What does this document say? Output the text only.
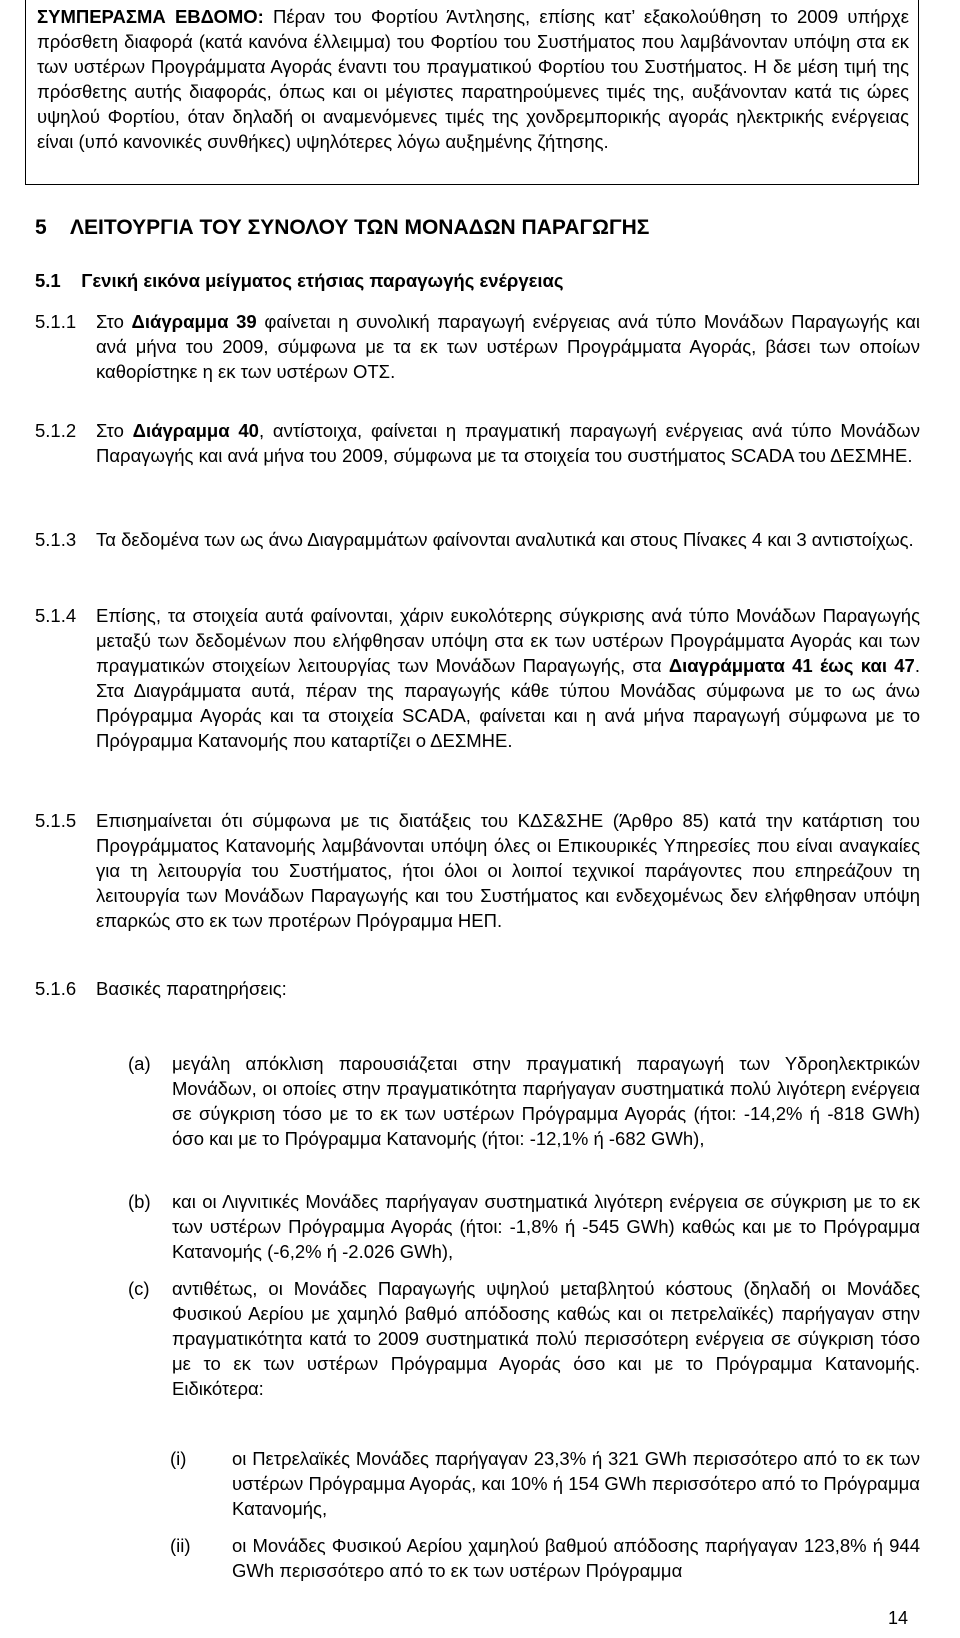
ΣΥΜΠΕΡΑΣΜΑ ΕΒΔΟΜΟ: Πέραν του Φορτίου Άντλησης, επίσης κατ’ εξακολούθηση το 2009 υπήρχε πρόσθετη διαφορά (κατά κανόνα έλλειμμα) του Φορτίου του Συστήματος που λαμβάνονταν υπόψη στα εκ των υστέρων Προγράμματα Αγοράς έναντι του πραγματικού Φορτίου του Συστήματος. Η δε μέση τιμή της πρόσθετης αυτής διαφοράς, όπως και οι μέγιστες παρατηρούμενες τιμές της, αυξάνονταν κατά τις ώρες υψηλού Φορτίου, όταν δηλαδή οι αναμενόμενες τιμές της χονδρεμπορικής αγοράς ηλεκτρικής ενέργειας είναι (υπό κανονικές συνθήκες) υψηλότερες λόγω αυξημένης ζήτησης.
5 ΛΕΙΤΟΥΡΓΙΑ ΤΟΥ ΣΥΝΟΛΟΥ ΤΩΝ ΜΟΝΑΔΩΝ ΠΑΡΑΓΩΓΗΣ
5.1 Γενική εικόνα μείγματος ετήσιας παραγωγής ενέργειας
5.1.1 Στο Διάγραμμα 39 φαίνεται η συνολική παραγωγή ενέργειας ανά τύπο Μονάδων Παραγωγής και ανά μήνα του 2009, σύμφωνα με τα εκ των υστέρων Προγράμματα Αγοράς, βάσει των οποίων καθορίστηκε η εκ των υστέρων ΟΤΣ.
5.1.2 Στο Διάγραμμα 40, αντίστοιχα, φαίνεται η πραγματική παραγωγή ενέργειας ανά τύπο Μονάδων Παραγωγής και ανά μήνα του 2009, σύμφωνα με τα στοιχεία του συστήματος SCADA του ΔΕΣΜΗΕ.
5.1.3 Τα δεδομένα των ως άνω Διαγραμμάτων φαίνονται αναλυτικά και στους Πίνακες 4 και 3 αντιστοίχως.
5.1.4 Επίσης, τα στοιχεία αυτά φαίνονται, χάριν ευκολότερης σύγκρισης ανά τύπο Μονάδων Παραγωγής μεταξύ των δεδομένων που ελήφθησαν υπόψη στα εκ των υστέρων Προγράμματα Αγοράς και των πραγματικών στοιχείων λειτουργίας των Μονάδων Παραγωγής, στα Διαγράμματα 41 έως και 47. Στα Διαγράμματα αυτά, πέραν της παραγωγής κάθε τύπου Μονάδας σύμφωνα με το ως άνω Πρόγραμμα Αγοράς και τα στοιχεία SCADA, φαίνεται και η ανά μήνα παραγωγή σύμφωνα με το Πρόγραμμα Κατανομής που καταρτίζει ο ΔΕΣΜΗΕ.
5.1.5 Επισημαίνεται ότι σύμφωνα με τις διατάξεις του ΚΔΣ&ΣΗΕ (Άρθρο 85) κατά την κατάρτιση του Προγράμματος Κατανομής λαμβάνονται υπόψη όλες οι Επικουρικές Υπηρεσίες που είναι αναγκαίες για τη λειτουργία του Συστήματος, ήτοι όλοι οι λοιποί τεχνικοί παράγοντες που επηρεάζουν τη λειτουργία των Μονάδων Παραγωγής και του Συστήματος και ενδεχομένως δεν ελήφθησαν υπόψη επαρκώς στο εκ των προτέρων Πρόγραμμα ΗΕΠ.
5.1.6 Βασικές παρατηρήσεις:
(a) μεγάλη απόκλιση παρουσιάζεται στην πραγματική παραγωγή των Υδροηλεκτρικών Μονάδων, οι οποίες στην πραγματικότητα παρήγαγαν συστηματικά πολύ λιγότερη ενέργεια σε σύγκριση τόσο με το εκ των υστέρων Πρόγραμμα Αγοράς (ήτοι: -14,2% ή -818 GWh) όσο και με το Πρόγραμμα Κατανομής (ήτοι: -12,1% ή -682 GWh),
(b) και οι Λιγνιτικές Μονάδες παρήγαγαν συστηματικά λιγότερη ενέργεια σε σύγκριση με το εκ των υστέρων Πρόγραμμα Αγοράς (ήτοι: -1,8% ή -545 GWh) καθώς και με το Πρόγραμμα Κατανομής (-6,2% ή -2.026 GWh),
(c) αντιθέτως, οι Μονάδες Παραγωγής υψηλού μεταβλητού κόστους (δηλαδή οι Μονάδες Φυσικού Αερίου με χαμηλό βαθμό απόδοσης καθώς και οι πετρελαϊκές) παρήγαγαν στην πραγματικότητα κατά το 2009 συστηματικά πολύ περισσότερη ενέργεια σε σύγκριση τόσο με το εκ των υστέρων Πρόγραμμα Αγοράς όσο και με το Πρόγραμμα Κατανομής. Ειδικότερα:
(i) οι Πετρελαϊκές Μονάδες παρήγαγαν 23,3% ή 321 GWh περισσότερο από το εκ των υστέρων Πρόγραμμα Αγοράς, και 10% ή 154 GWh περισσότερο από το Πρόγραμμα Κατανομής,
(ii) οι Μονάδες Φυσικού Αερίου χαμηλού βαθμού απόδοσης παρήγαγαν 123,8% ή 944 GWh περισσότερο από το εκ των υστέρων Πρόγραμμα
14
